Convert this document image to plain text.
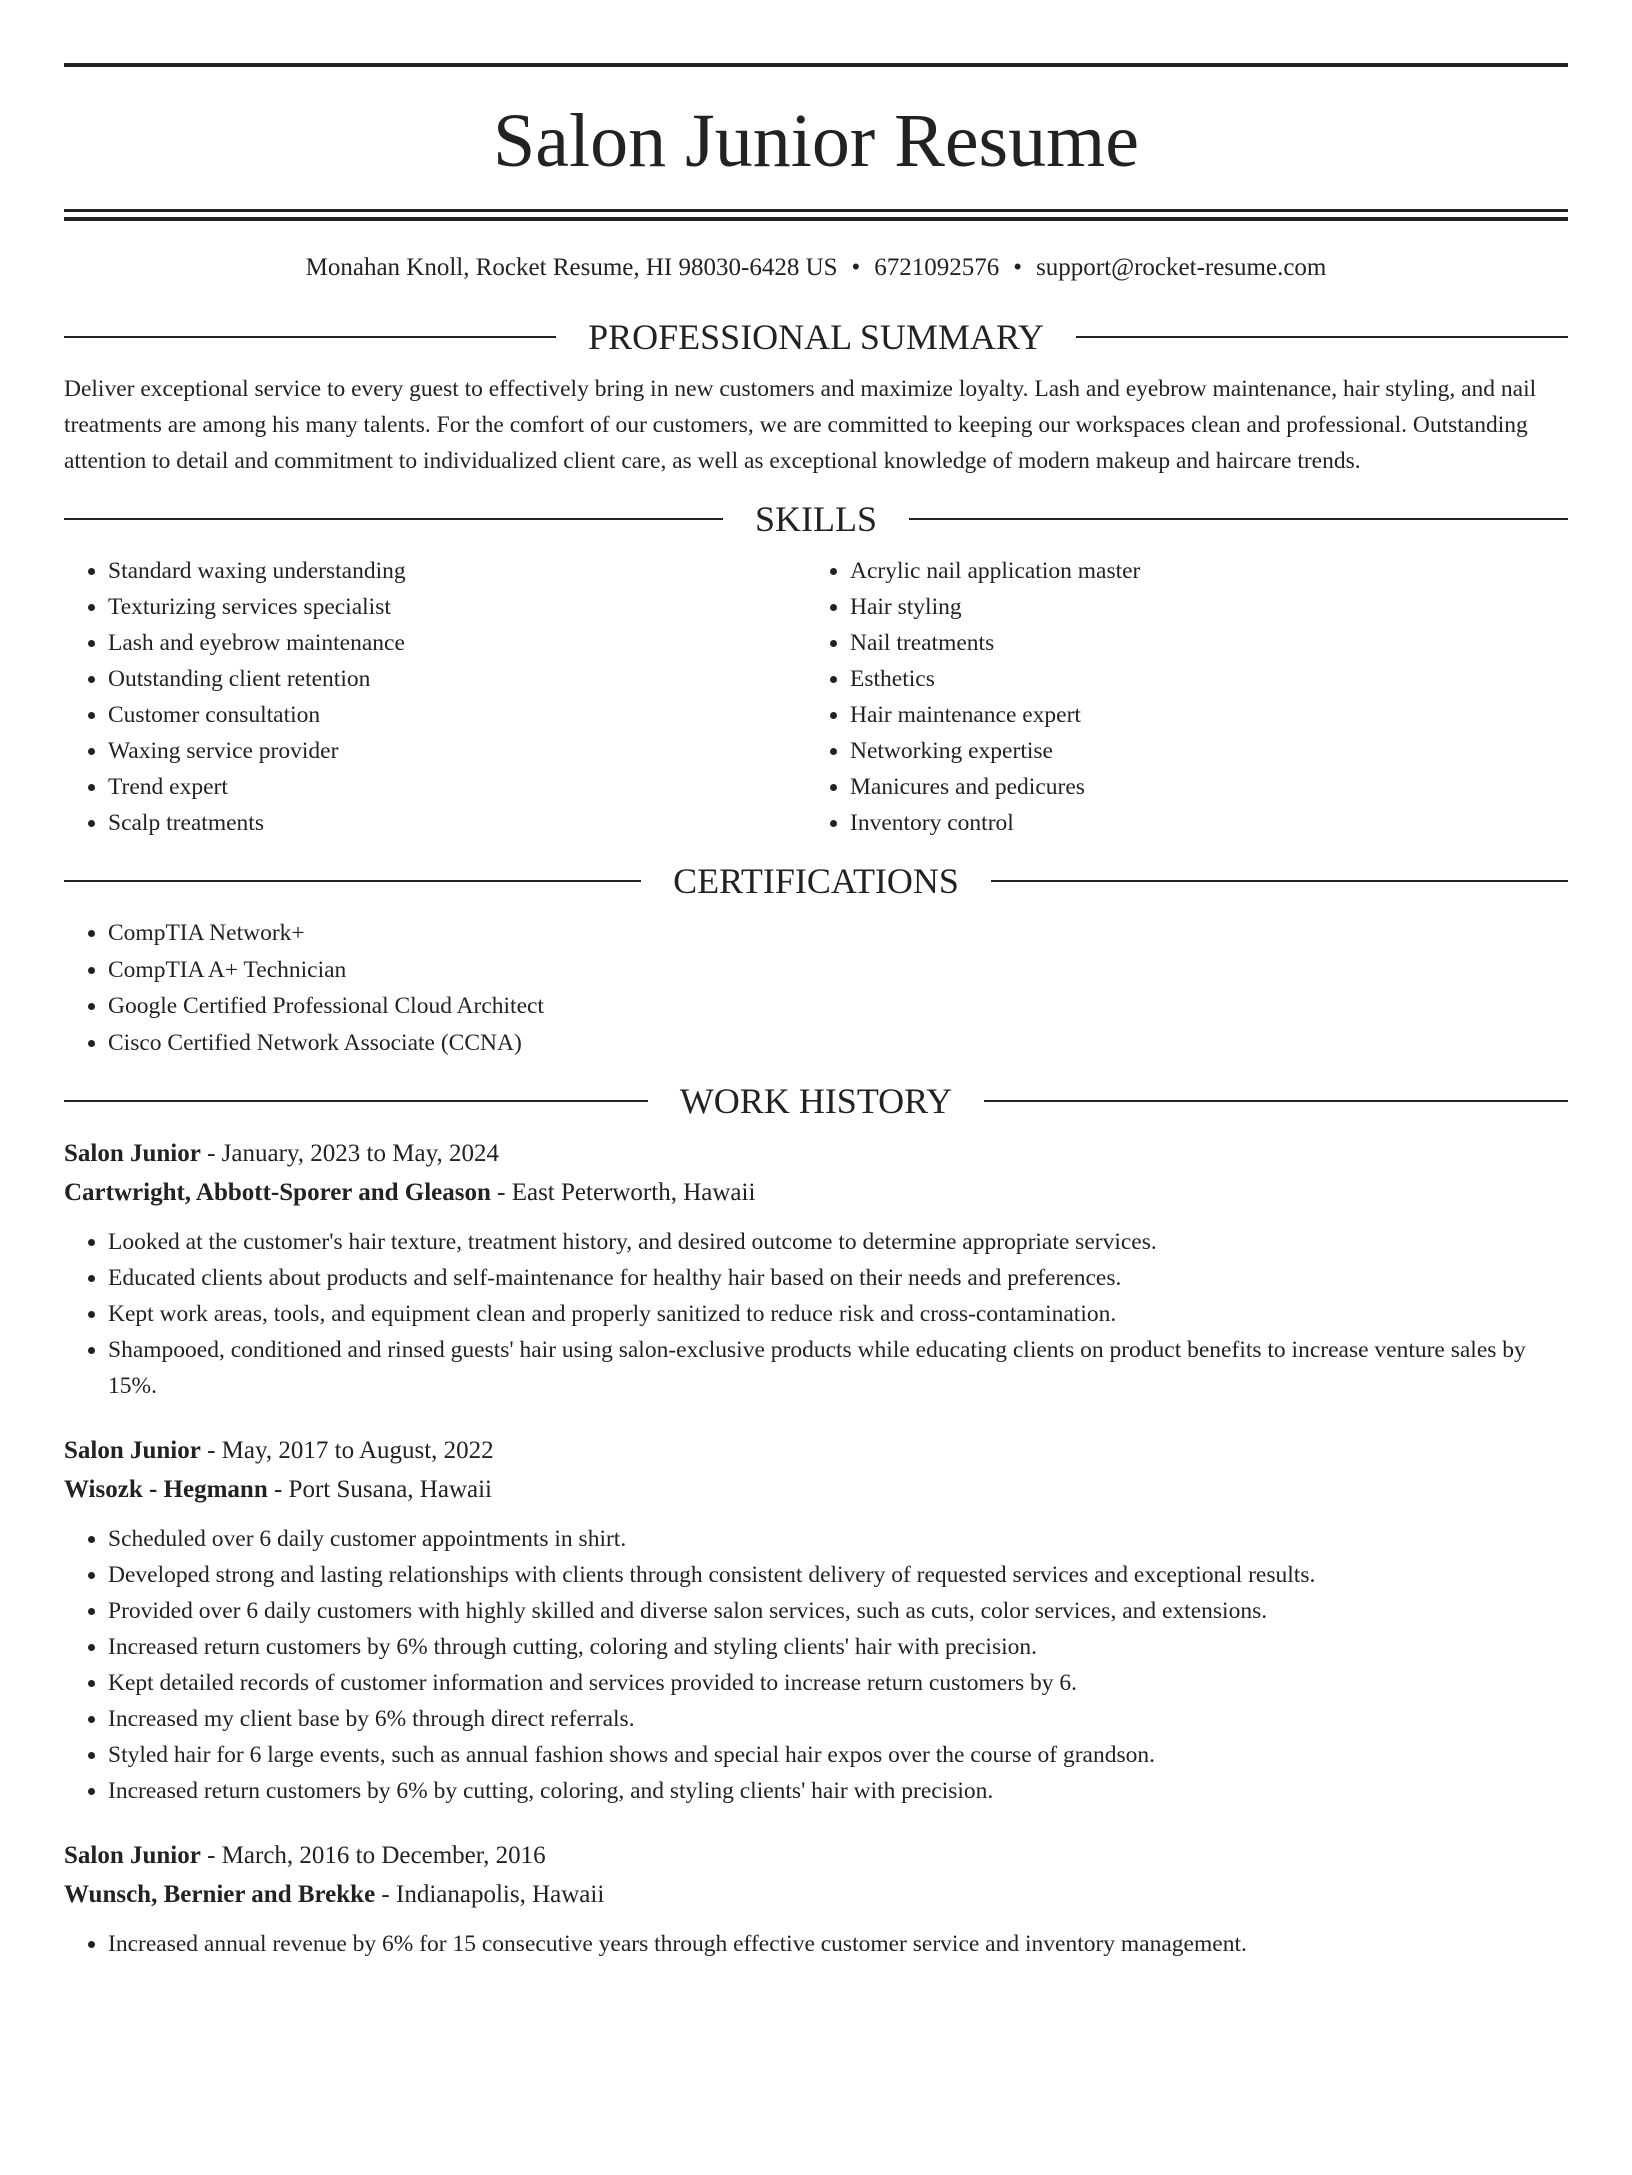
Salon Junior Resume
Monahan Knoll, Rocket Resume, HI 98030-6428 US • 6721092576 • support@rocket-resume.com
PROFESSIONAL SUMMARY

Deliver exceptional service to every guest to effectively bring in new customers and maximize loyalty. Lash and eyebrow maintenance, hair styling, and nail treatments are among his many talents. For the comfort of our customers, we are committed to keeping our workspaces clean and professional. Outstanding attention to detail and commitment to individualized client care, as well as exceptional knowledge of modern makeup and haircare trends.

SKILLS
• Standard waxing understanding
• Texturizing services specialist
• Lash and eyebrow maintenance
• Outstanding client retention
• Customer consultation
• Waxing service provider
• Trend expert
• Scalp treatments
• Acrylic nail application master
• Hair styling
• Nail treatments
• Esthetics
• Hair maintenance expert
• Networking expertise
• Manicures and pedicures
• Inventory control
CERTIFICATIONS
• CompTIA Network+
• CompTIA A+ Technician
• Google Certified Professional Cloud Architect
• Cisco Certified Network Associate (CCNA)
WORK HISTORY
Salon Junior - January, 2023 to May, 2024
Cartwright, Abbott-Sporer and Gleason - East Peterworth, Hawaii
• Looked at the customer's hair texture, treatment history, and desired outcome to determine appropriate services.
• Educated clients about products and self-maintenance for healthy hair based on their needs and preferences.
• Kept work areas, tools, and equipment clean and properly sanitized to reduce risk and cross-contamination.
• Shampooed, conditioned and rinsed guests' hair using salon-exclusive products while educating clients on product benefits to increase venture sales by 15%.
Salon Junior - May, 2017 to August, 2022
Wisozk - Hegmann - Port Susana, Hawaii
• Scheduled over 6 daily customer appointments in shirt.
• Developed strong and lasting relationships with clients through consistent delivery of requested services and exceptional results.
• Provided over 6 daily customers with highly skilled and diverse salon services, such as cuts, color services, and extensions.
• Increased return customers by 6% through cutting, coloring and styling clients' hair with precision.
• Kept detailed records of customer information and services provided to increase return customers by 6.
• Increased my client base by 6% through direct referrals.
• Styled hair for 6 large events, such as annual fashion shows and special hair expos over the course of grandson.
• Increased return customers by 6% by cutting, coloring, and styling clients' hair with precision.
Salon Junior - March, 2016 to December, 2016
Wunsch, Bernier and Brekke - Indianapolis, Hawaii
• Increased annual revenue by 6% for 15 consecutive years through effective customer service and inventory management.
